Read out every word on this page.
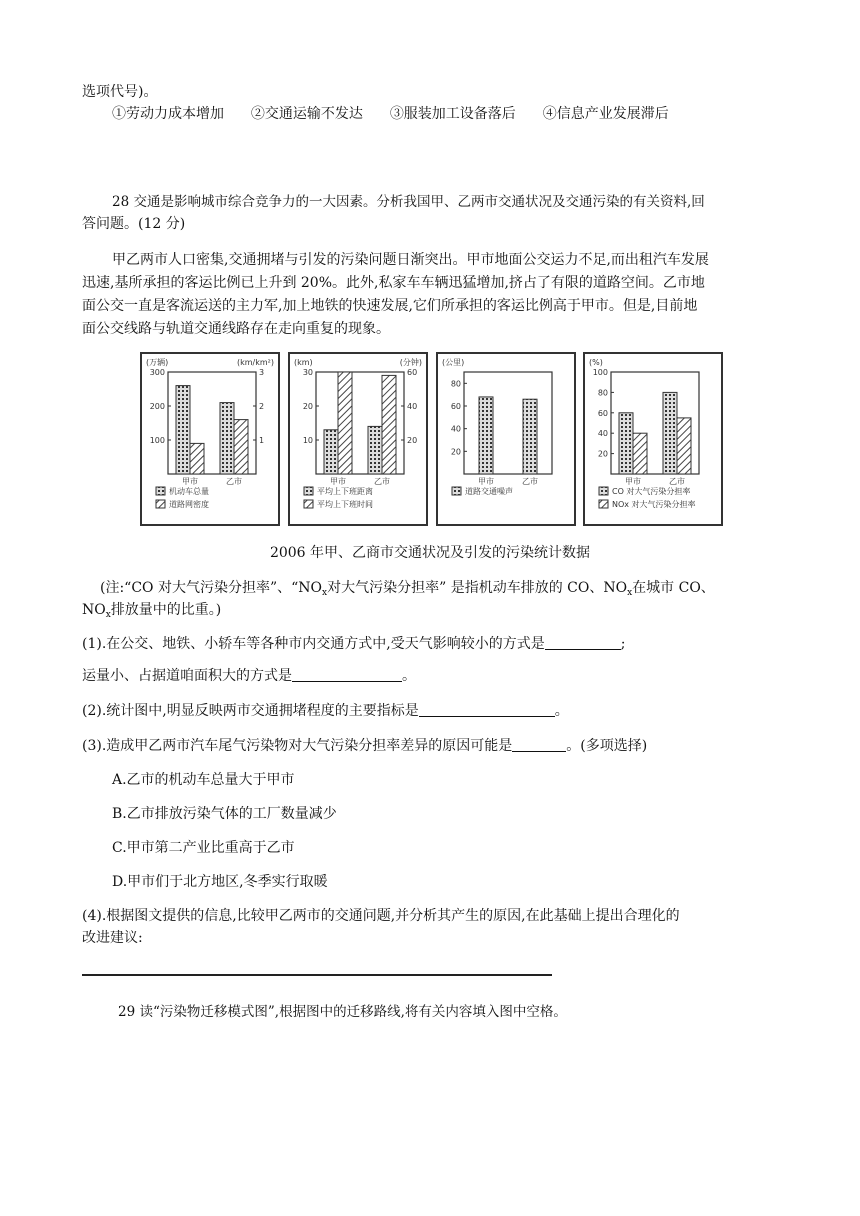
选项代号)。
①劳动力成本增加 ②交通运输不发达 ③服装加工设备落后 ④信息产业发展滞后
28 交通是影响城市综合竞争力的一大因素。分析我国甲、乙两市交通状况及交通污染的有关资料,回
答问题。(12 分)
甲乙两市人口密集,交通拥堵与引发的污染问题日渐突出。甲市地面公交运力不足,而出租汽车发展
迅速,基所承担的客运比例已上升到 20%。此外,私家车车辆迅猛增加,挤占了有限的道路空间。乙市地
面公交一直是客流运送的主力军,加上地铁的快速发展,它们所承担的客运比例高于甲市。但是,目前地
面公交线路与轨道交通线路存在走向重复的现象。
(万辆)	(km/km²)
300
200
100
3
2
1
甲市	乙市
机动车总量
道路网密度
(km)	(分钟)
30
20
10
60
40
20
甲市	乙市
平均上下班距离
平均上下班时间
(公里)
80
60
40
20
甲市	乙市
道路交通噪声
(%)
100
80
60
40
20
甲市	乙市
CO 对大气污染分担率
NOx 对大气污染分担率
2006 年甲、乙商市交通状况及引发的污染统计数据
(注:“CO 对大气污染分担率”、“$NO_x$对大气污染分担率” 是指机动车排放的 CO、$NO_x$在城市 CO、
$NO_x$排放量中的比重。)
(1).在公交、地铁、小轿车等各种市内交通方式中,受天气影响较小的方式是	;
运量小、占据道咱面积大的方式是	。
(2).统计图中,明显反映两市交通拥堵程度的主要指标是	。
(3).造成甲乙两市汽车尾气污染物对大气污染分担率差异的原因可能是	。(多项选择)
A.乙市的机动车总量大于甲市
B.乙市排放污染气体的工厂数量减少
C.甲市第二产业比重高于乙市
D.甲市们于北方地区,冬季实行取暖
(4).根据图文提供的信息,比较甲乙两市的交通问题,并分析其产生的原因,在此基础上提出合理化的
改进建议:
29 读“污染物迁移模式图”,根据图中的迁移路线,将有关内容填入图中空格。
